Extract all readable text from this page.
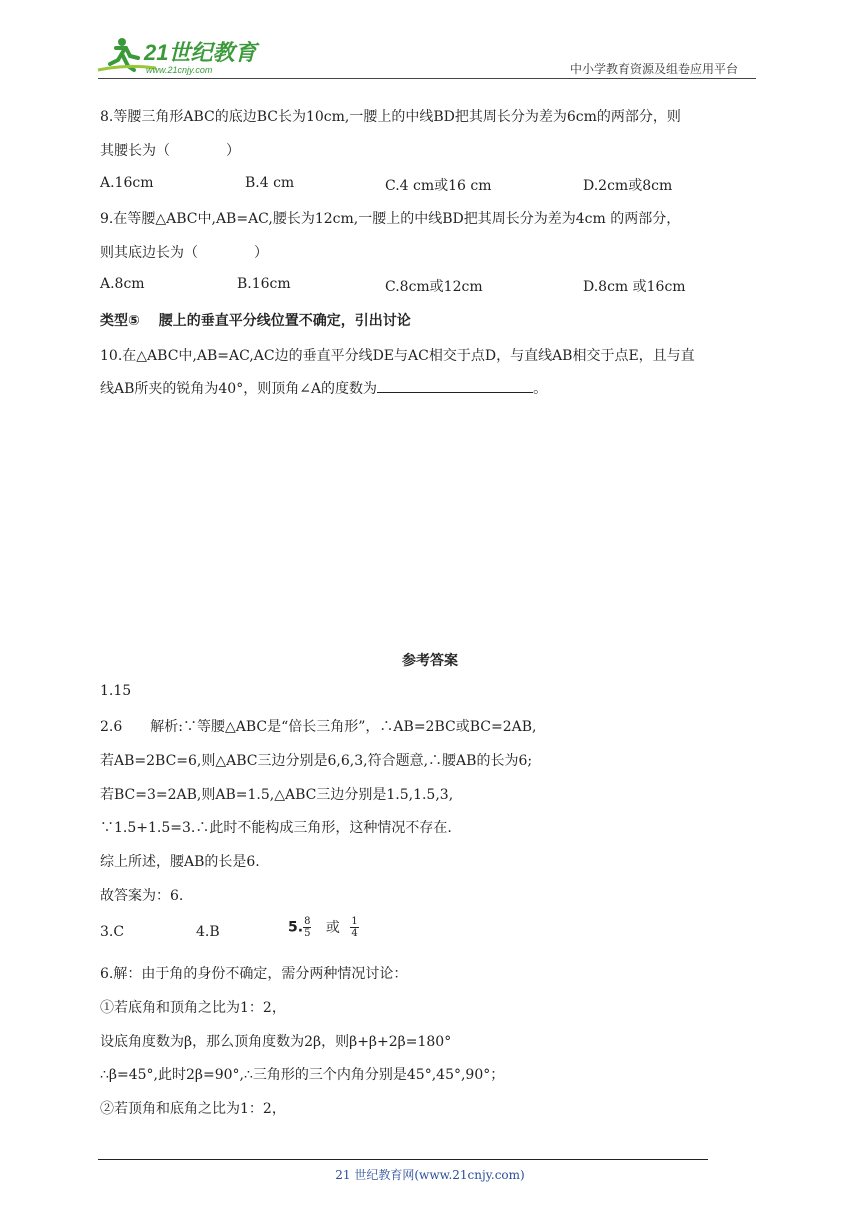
21世纪教育
www.21cnjy.com	中小学教育资源及组卷应用平台
8.等腰三角形ABC的底边BC长为10cm,一腰上的中线BD把其周长分为差为6cm的两部分，则
其腰长为（　　　　）
A.16cm	B.4 cm	C.4 cm或16 cm	D.2cm或8cm
9.在等腰△ABC中,AB=AC,腰长为12cm,一腰上的中线BD把其周长分为差为4cm 的两部分，
则其底边长为（　　　　）
A.8cm	B.16cm	C.8cm或12cm	D.8cm 或16cm
类型⑤　 腰上的垂直平分线位置不确定，引出讨论
10.在△ABC中,AB=AC,AC边的垂直平分线DE与AC相交于点D，与直线AB相交于点E，且与直
线AB所夹的锐角为40°，则顶角∠A的度数为	。
参考答案
1.15
2.6　　解析:∵等腰△ABC是“倍长三角形”，∴AB=2BC或BC=2AB,
若AB=2BC=6,则△ABC三边分别是6,6,3,符合题意,∴腰AB的长为6;
若BC=3=2AB,则AB=1.5,△ABC三边分别是1.5,1.5,3,
∵1.5+1.5=3.∴此时不能构成三角形，这种情况不存在.
综上所述，腰AB的长是6.
故答案为：6.
3.C	4.B	5. $\frac{8}{5}$ 或 $\frac{1}{4}$
6.解：由于角的身份不确定，需分两种情况讨论：
①若底角和顶角之比为1：2，
设底角度数为β，那么顶角度数为2β，则β+β+2β=180°
∴β=45°,此时2β=90°,∴三角形的三个内角分别是45°,45°,90°；
②若顶角和底角之比为1：2，
21 世纪教育网(www.21cnjy.com)
